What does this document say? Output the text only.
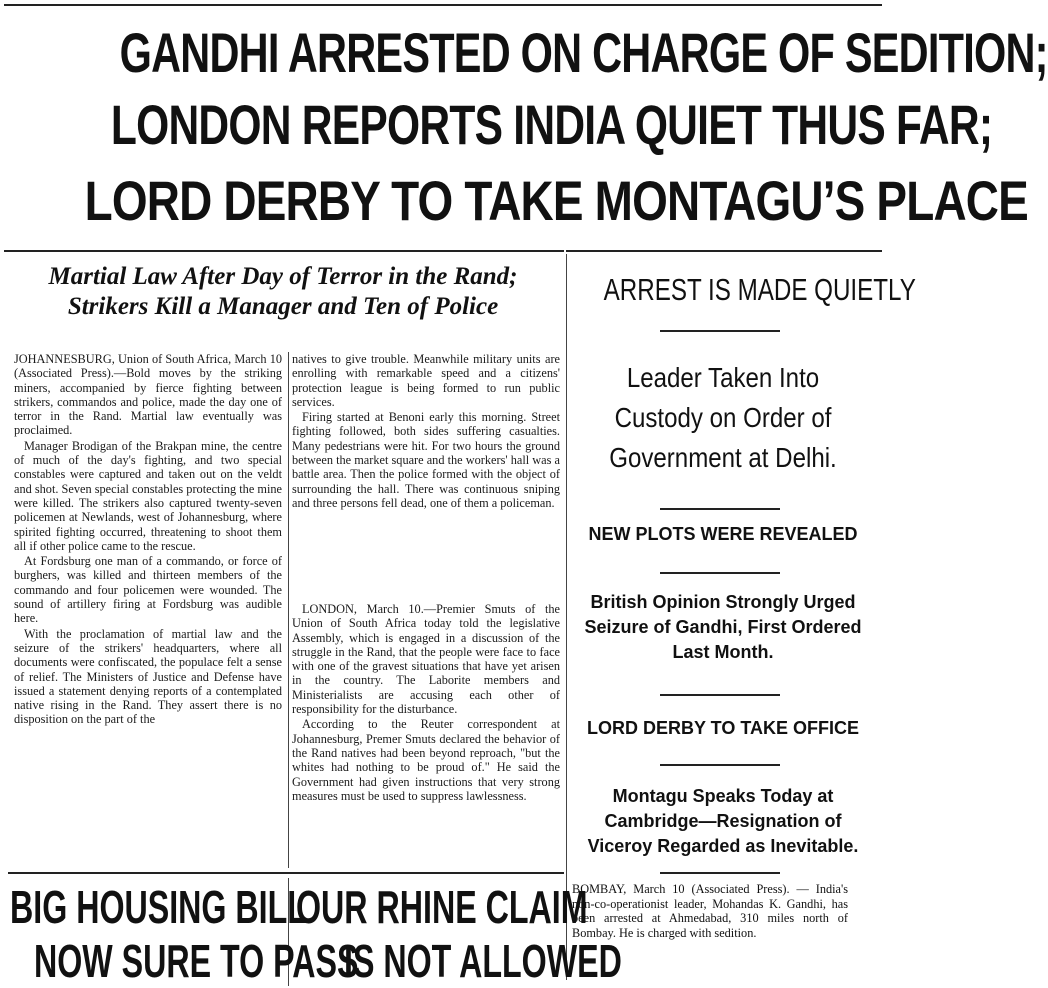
GANDHI ARRESTED ON CHARGE OF SEDITION;
LONDON REPORTS INDIA QUIET THUS FAR;
LORD DERBY TO TAKE MONTAGU’S PLACE
Martial Law After Day of Terror in the Rand;
Strikers Kill a Manager and Ten of Police

JOHANNESBURG, Union of South Africa, March 10 (Associated Press).—Bold moves by the striking miners, accompanied by fierce fighting between strikers, commandos and police, made the day one of terror in the Rand. Martial law eventually was proclaimed.

Manager Brodigan of the Brakpan mine, the centre of much of the day's fighting, and two special constables were captured and taken out on the veldt and shot. Seven special constables protecting the mine were killed. The strikers also captured twenty-seven policemen at Newlands, west of Johannesburg, where spirited fighting occurred, threatening to shoot them all if other police came to the rescue.

At Fordsburg one man of a commando, or force of burghers, was killed and thirteen members of the commando and four policemen were wounded. The sound of artillery firing at Fordsburg was audible here.

With the proclamation of martial law and the seizure of the strikers' headquarters, where all documents were confiscated, the populace felt a sense of relief. The Ministers of Justice and Defense have issued a statement denying reports of a contemplated native rising in the Rand. They assert there is no disposition on the part of the

natives to give trouble. Meanwhile military units are enrolling with remarkable speed and a citizens' protection league is being formed to run public services.

Firing started at Benoni early this morning. Street fighting followed, both sides suffering casualties. Many pedestrians were hit. For two hours the ground between the market square and the workers' hall was a battle area. Then the police formed with the object of surrounding the hall. There was continuous sniping and three persons fell dead, one of them a policeman.

LONDON, March 10.—Premier Smuts of the Union of South Africa today told the legislative Assembly, which is engaged in a discussion of the struggle in the Rand, that the people were face to face with one of the gravest situations that have yet arisen in the country. The Laborite members and Ministerialists are accusing each other of responsibility for the disturbance.

According to the Reuter correspondent at Johannesburg, Premer Smuts declared the behavior of the Rand natives had been beyond reproach, "but the whites had nothing to be proud of." He said the Government had given instructions that very strong measures must be used to suppress lawlessness.

ARREST IS MADE QUIETLY
Leader Taken Into Custody on Order of Government at Delhi.
NEW PLOTS WERE REVEALED
British Opinion Strongly Urged Seizure of Gandhi, First Ordered Last Month.
LORD DERBY TO TAKE OFFICE
Montagu Speaks Today at Cambridge—Resignation of Viceroy Regarded as Inevitable.

BOMBAY, March 10 (Associated Press). — India's non-co-operationist leader, Mohandas K. Gandhi, has been arrested at Ahmedabad, 310 miles north of Bombay. He is charged with sedition.

BIG HOUSING BILL
NOW SURE TO PASS
OUR RHINE CLAIM
IS NOT ALLOWED
